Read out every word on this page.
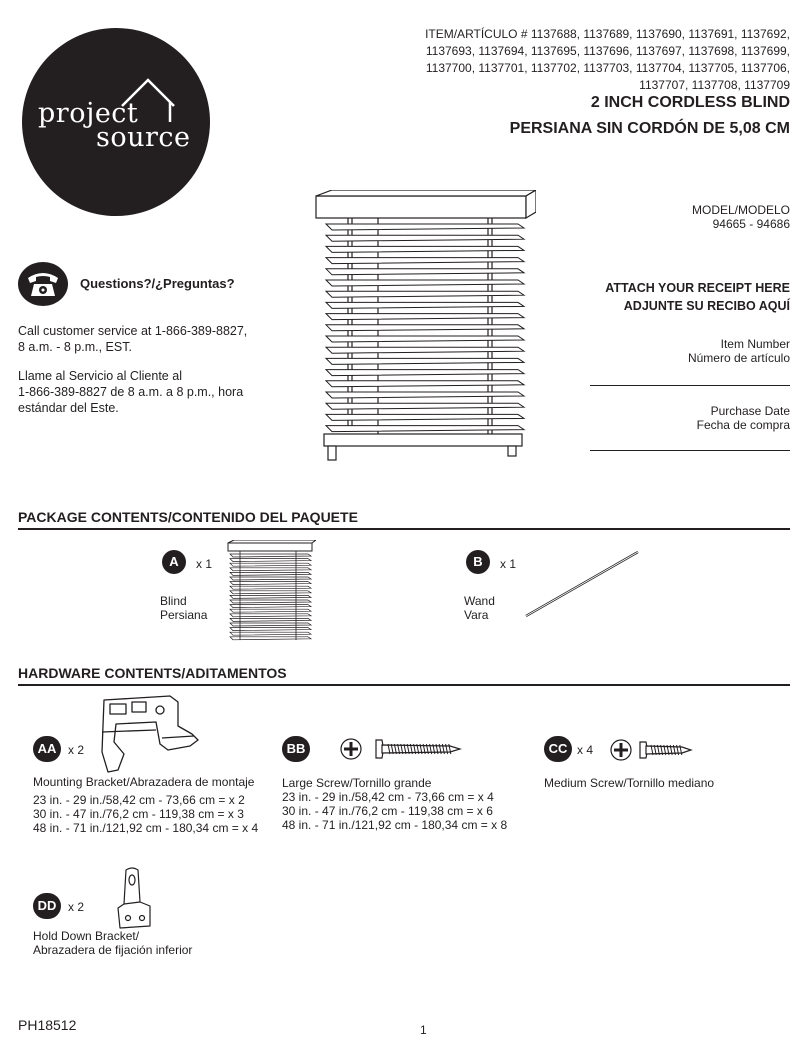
project
source
ITEM/ARTÍCULO # 1137688, 1137689, 1137690, 1137691, 1137692,
1137693, 1137694, 1137695, 1137696, 1137697, 1137698, 1137699,
1137700, 1137701, 1137702, 1137703, 1137704, 1137705, 1137706,
1137707, 1137708, 1137709
2 INCH CORDLESS BLIND
PERSIANA SIN CORDÓN DE 5,08 CM
MODEL/MODELO
94665 - 94686
ATTACH YOUR RECEIPT HERE
ADJUNTE SU RECIBO AQUÍ
Item Number
Número de artículo
Purchase Date
Fecha de compra
Questions?/¿Preguntas?
Call customer service at 1-866-389-8827,
8 a.m. - 8 p.m., EST.
Llame al Servicio al Cliente al
1-866-389-8827 de 8 a.m. a 8 p.m., hora
estándar del Este.
PACKAGE CONTENTS/CONTENIDO DEL PAQUETE
A	x 1
Blind
Persiana
B	x 1
Wand
Vara
HARDWARE CONTENTS/ADITAMENTOS
AA x 2
Mounting Bracket/Abrazadera de montaje
23 in. - 29 in./58,42 cm - 73,66 cm = x 2
30 in. - 47 in./76,2 cm - 119,38 cm = x 3
48 in. - 71 in./121,92 cm - 180,34 cm = x 4
BB
Large Screw/Tornillo grande
23 in. - 29 in./58,42 cm - 73,66 cm = x 4
30 in. - 47 in./76,2 cm - 119,38 cm = x 6
48 in. - 71 in./121,92 cm - 180,34 cm = x 8
CC x 4
Medium Screw/Tornillo mediano
DD x 2
Hold Down Bracket/
Abrazadera de fijación inferior
PH18512	1
